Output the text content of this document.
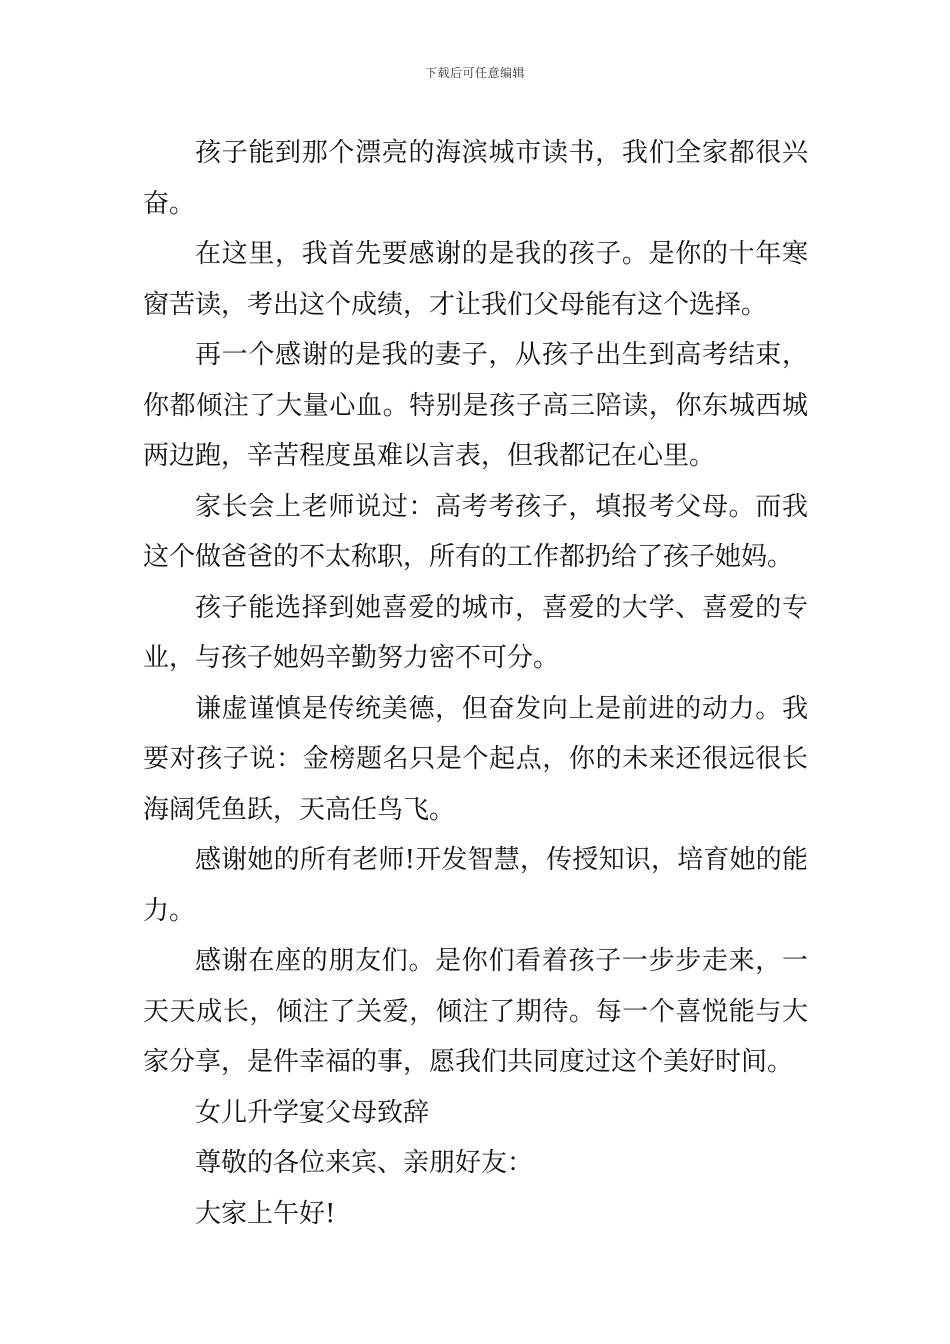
下载后可任意编辑

孩子能到那个漂亮的海滨城市读书，我们全家都很兴奋。

在这里，我首先要感谢的是我的孩子。是你的十年寒窗苦读，考出这个成绩，才让我们父母能有这个选择。

再一个感谢的是我的妻子，从孩子出生到高考结束，你都倾注了大量心血。特别是孩子高三陪读，你东城西城两边跑，辛苦程度虽难以言表，但我都记在心里。

家长会上老师说过：高考考孩子，填报考父母。而我这个做爸爸的不太称职，所有的工作都扔给了孩子她妈。

孩子能选择到她喜爱的城市，喜爱的大学、喜爱的专业，与孩子她妈辛勤努力密不可分。

谦虚谨慎是传统美德，但奋发向上是前进的动力。我要对孩子说：金榜题名只是个起点，你的未来还很远很长海阔凭鱼跃，天高任鸟飞。

感谢她的所有老师!开发智慧，传授知识，培育她的能力。

感谢在座的朋友们。是你们看着孩子一步步走来，一天天成长，倾注了关爱，倾注了期待。每一个喜悦能与大家分享，是件幸福的事，愿我们共同度过这个美好时间。

女儿升学宴父母致辞

尊敬的各位来宾、亲朋好友：

大家上午好!
